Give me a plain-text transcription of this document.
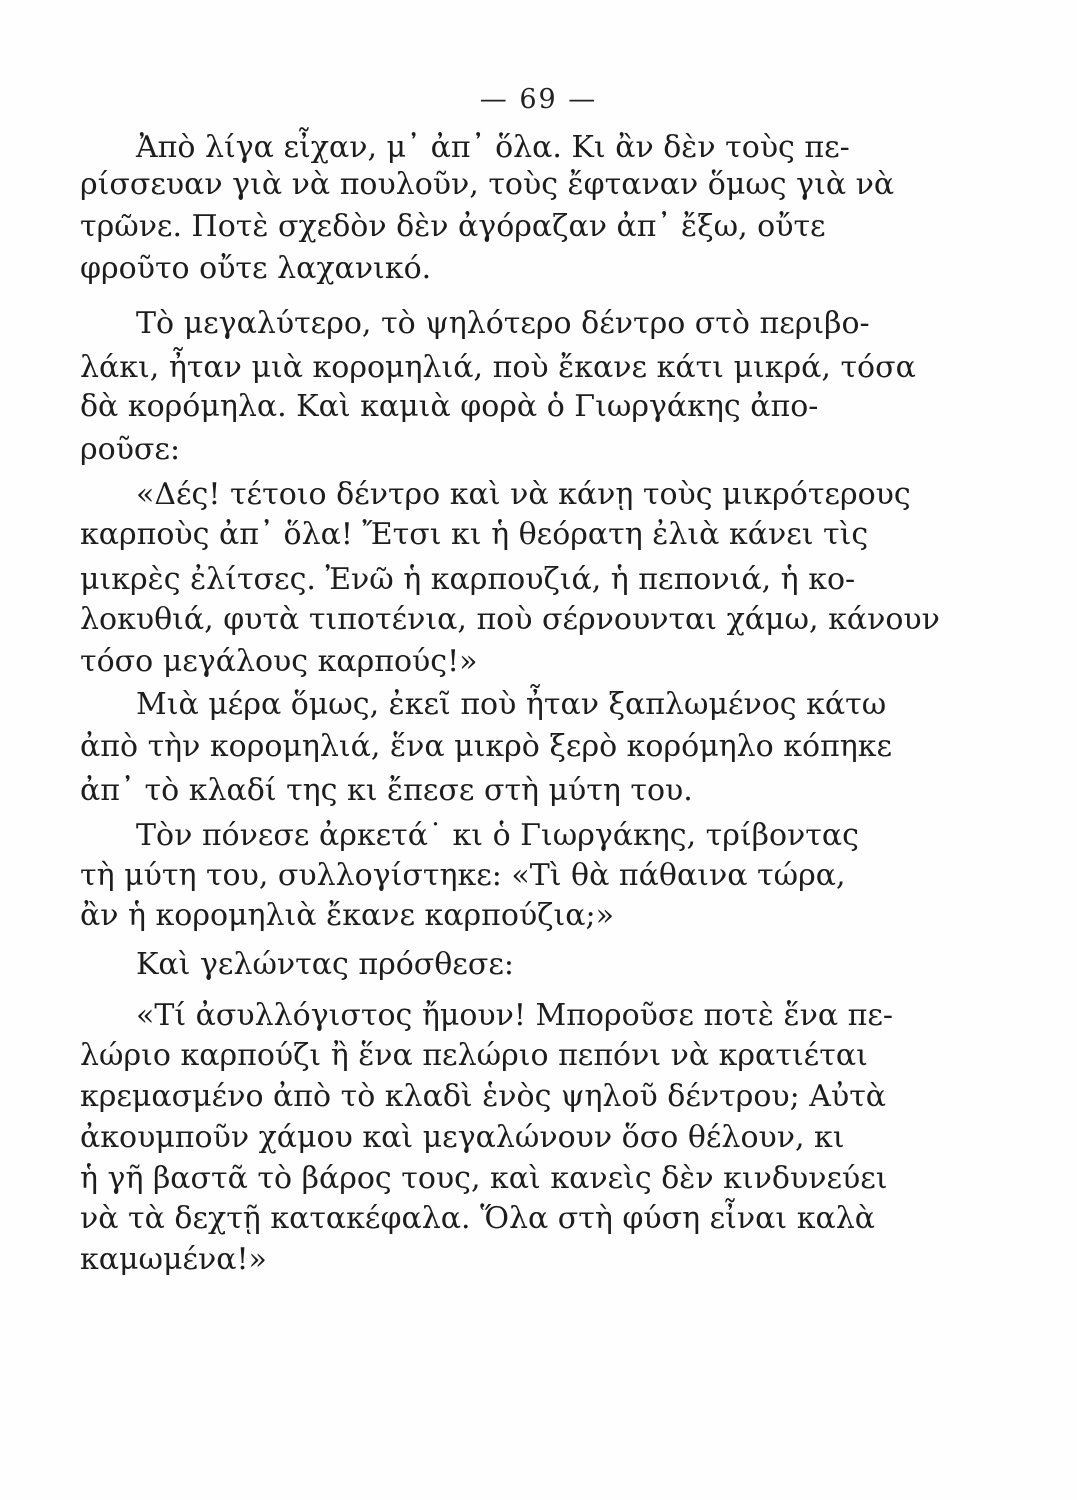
— 69 —
Ἀπὸ λίγα εἶχαν, μ᾽ ἀπ᾽ ὅλα. Κι ἂν δὲν τοὺς πε-
ρίσσευαν γιὰ νὰ πουλοῦν, τοὺς ἔφταναν ὅμως γιὰ νὰ
τρῶνε. Ποτὲ σχεδὸν δὲν ἀγόραζαν ἀπ᾽ ἔξω, οὔτε
φροῦτο οὔτε λαχανικό.
Τὸ μεγαλύτερο, τὸ ψηλότερο δέντρο στὸ περιβο-
λάκι, ἦταν μιὰ κορομηλιά, ποὺ ἔκανε κάτι μικρά, τόσα
δὰ κορόμηλα. Καὶ καμιὰ φορὰ ὁ Γιωργάκης ἀπο-
ροῦσε:
«Δές! τέτοιο δέντρο καὶ νὰ κάνῃ τοὺς μικρότερους
καρποὺς ἀπ᾽ ὅλα! Ἔτσι κι ἡ θεόρατη ἐλιὰ κάνει τὶς
μικρὲς ἐλίτσες. Ἐνῶ ἡ καρπουζιά, ἡ πεπονιά, ἡ κο-
λοκυθιά, φυτὰ τιποτένια, ποὺ σέρνουνται χάμω, κάνουν
τόσο μεγάλους καρπούς!»
Μιὰ μέρα ὅμως, ἐκεῖ ποὺ ἦταν ξαπλωμένος κάτω
ἀπὸ τὴν κορομηλιά, ἕνα μικρὸ ξερὸ κορόμηλο κόπηκε
ἀπ᾽ τὸ κλαδί της κι ἔπεσε στὴ μύτη του.
Τὸν πόνεσε ἀρκετά˙ κι ὁ Γιωργάκης, τρίβοντας
τὴ μύτη του, συλλογίστηκε: «Τὶ θὰ πάθαινα τώρα,
ἂν ἡ κορομηλιὰ ἔκανε καρπούζια;»
Καὶ γελώντας πρόσθεσε:
«Τί ἀσυλλόγιστος ἤμουν! Μποροῦσε ποτὲ ἕνα πε-
λώριο καρπούζι ἢ ἕνα πελώριο πεπόνι νὰ κρατιέται
κρεμασμένο ἀπὸ τὸ κλαδὶ ἑνὸς ψηλοῦ δέντρου; Αὐτὰ
ἀκουμποῦν χάμου καὶ μεγαλώνουν ὅσο θέλουν, κι
ἡ γῆ βαστᾶ τὸ βάρος τους, καὶ κανεὶς δὲν κινδυνεύει
νὰ τὰ δεχτῇ κατακέφαλα. Ὅλα στὴ φύση εἶναι καλὰ
καμωμένα!»
